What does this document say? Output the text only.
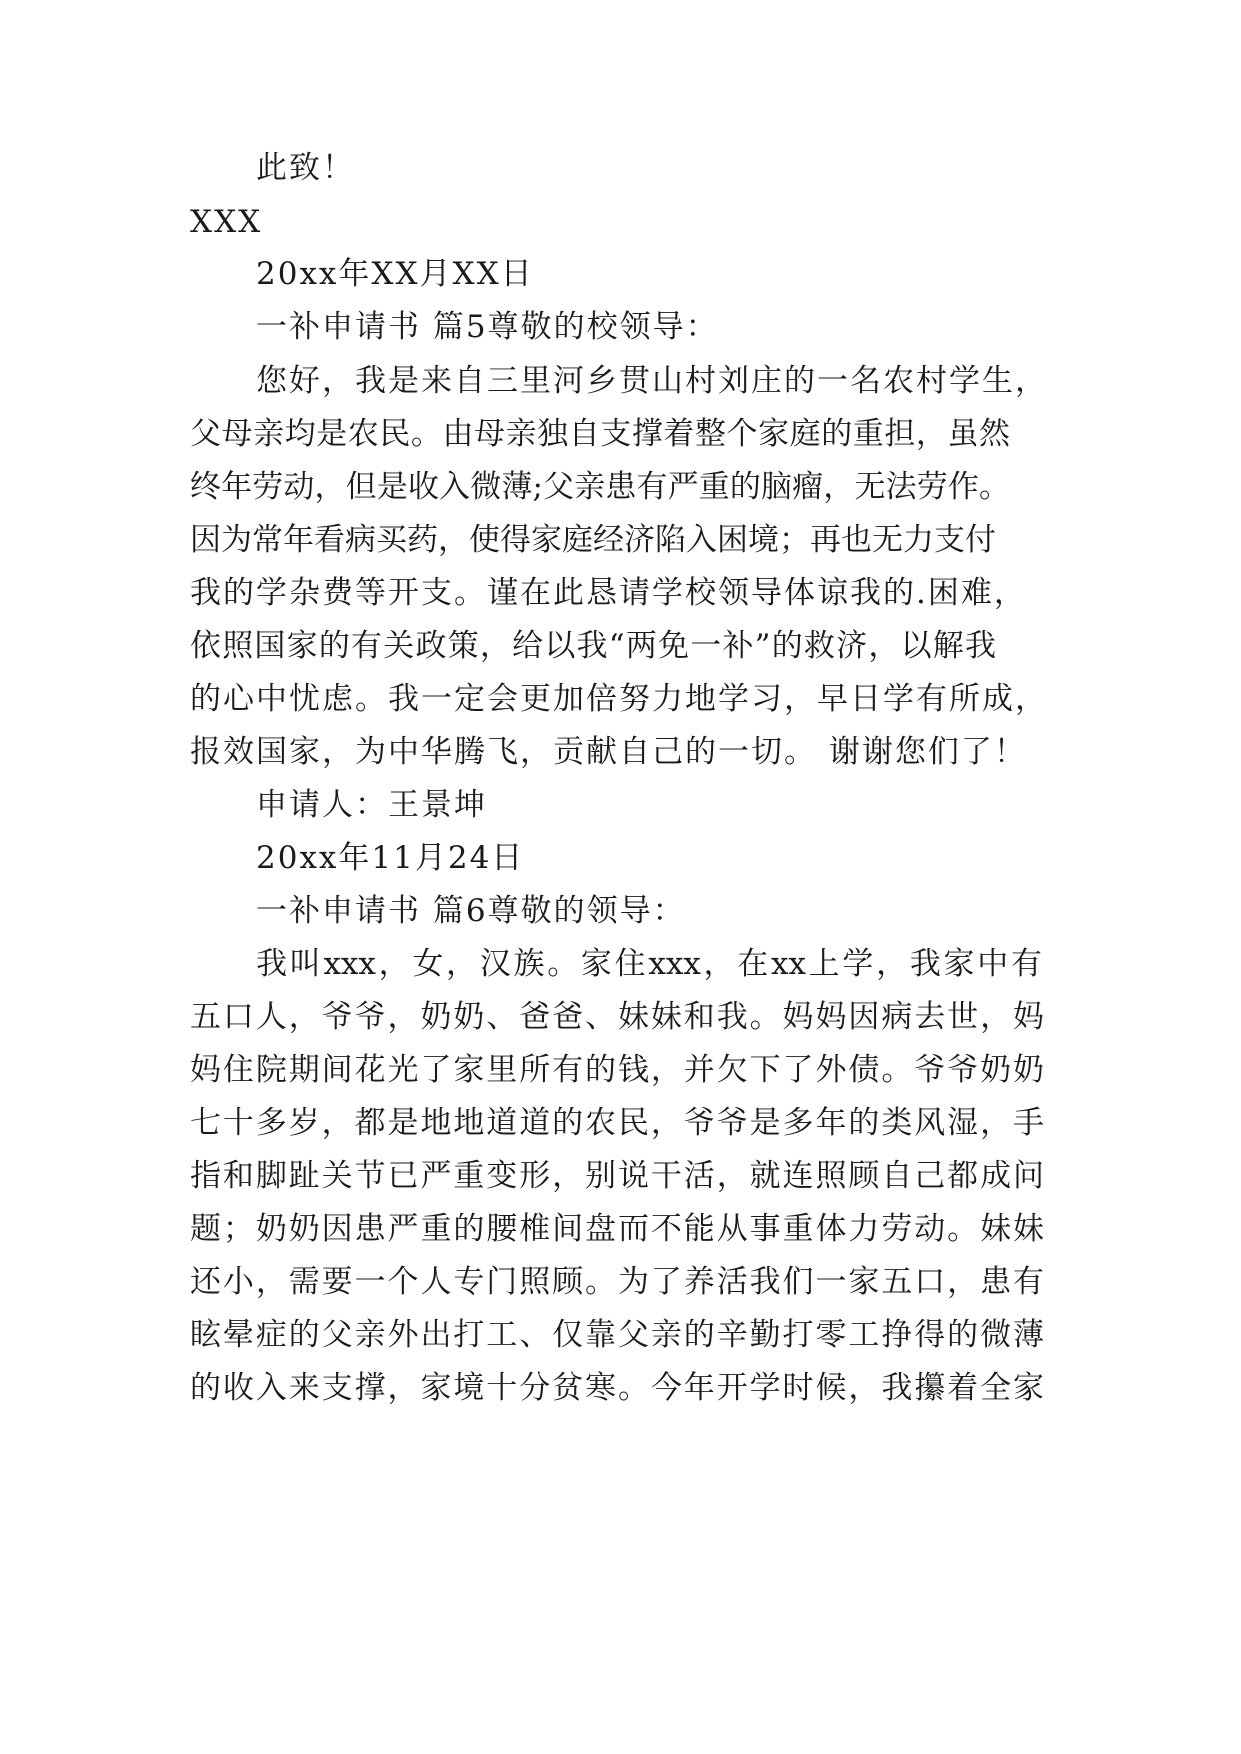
此致！
XXX
20xx年XX月XX日
一补申请书 篇5尊敬的校领导：
您好，我是来自三里河乡贯山村刘庄的一名农村学生，
父母亲均是农民。由母亲独自支撑着整个家庭的重担，虽然
终年劳动，但是收入微薄;父亲患有严重的脑瘤，无法劳作。
因为常年看病买药，使得家庭经济陷入困境；再也无力支付
我的学杂费等开支。谨在此恳请学校领导体谅我的.困难，
依照国家的有关政策，给以我“两免一补”的救济，以解我
的心中忧虑。我一定会更加倍努力地学习，早日学有所成，
报效国家，为中华腾飞，贡献自己的一切。 谢谢您们了！
申请人：王景坤
20xx年11月24日
一补申请书 篇6尊敬的领导：
我叫xxx，女，汉族。家住xxx，在xx上学，我家中有
五口人，爷爷，奶奶、爸爸、妹妹和我。妈妈因病去世，妈
妈住院期间花光了家里所有的钱，并欠下了外债。爷爷奶奶
七十多岁，都是地地道道的农民，爷爷是多年的类风湿，手
指和脚趾关节已严重变形，别说干活，就连照顾自己都成问
题；奶奶因患严重的腰椎间盘而不能从事重体力劳动。妹妹
还小，需要一个人专门照顾。为了养活我们一家五口，患有
眩晕症的父亲外出打工、仅靠父亲的辛勤打零工挣得的微薄
的收入来支撑，家境十分贫寒。今年开学时候，我攥着全家
